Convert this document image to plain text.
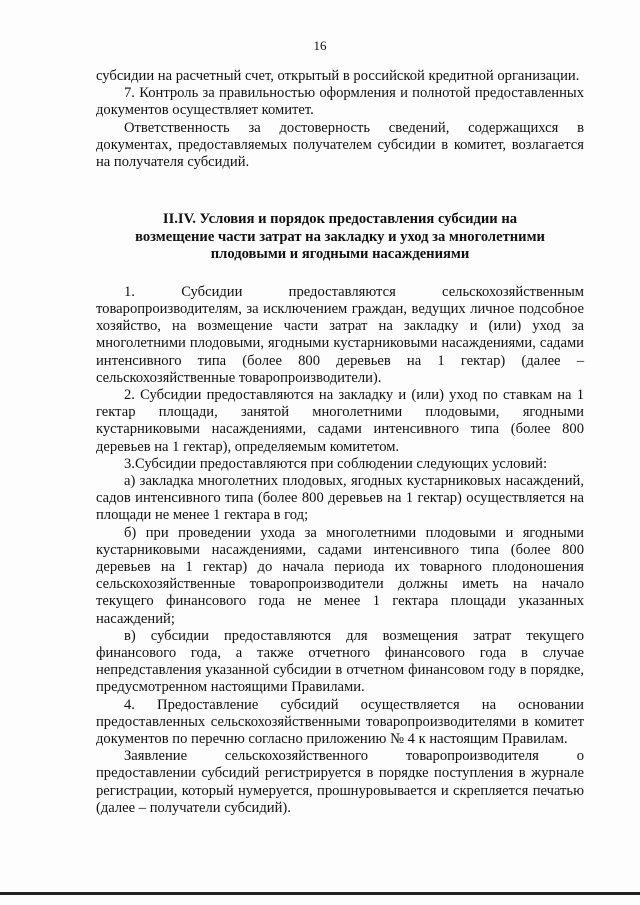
16

субсидии на расчетный счет, открытый в российской кредитной организации.

7. Контроль за правильностью оформления и полнотой предоставленных документов осуществляет комитет.

Ответственность за достоверность сведений, содержащихся в документах, предоставляемых получателем субсидии в комитет, возлагается на получателя субсидий.

II.IV. Условия и порядок предоставления субсидии на
возмещение части затрат на закладку и уход за многолетними
плодовыми и ягодными насаждениями

1. Субсидии предоставляются сельскохозяйственным товаропроизводителям, за исключением граждан, ведущих личное подсобное хозяйство, на возмещение части затрат на закладку и (или) уход за многолетними плодовыми, ягодными кустарниковыми насаждениями, садами интенсивного типа (более 800 деревьев на 1 гектар) (далее – сельскохозяйственные товаропроизводители).

2. Субсидии предоставляются на закладку и (или) уход по ставкам на 1 гектар площади, занятой многолетними плодовыми, ягодными кустарниковыми насаждениями, садами интенсивного типа (более 800 деревьев на 1 гектар), определяемым комитетом.

3.Субсидии предоставляются при соблюдении следующих условий:

а) закладка многолетних плодовых, ягодных кустарниковых насаждений, садов интенсивного типа (более 800 деревьев на 1 гектар) осуществляется на площади не менее 1 гектара в год;

б) при проведении ухода за многолетними плодовыми и ягодными кустарниковыми насаждениями, садами интенсивного типа (более 800 деревьев на 1 гектар) до начала периода их товарного плодоношения сельскохозяйственные товаропроизводители должны иметь на начало текущего финансового года не менее 1 гектара площади указанных насаждений;

в) субсидии предоставляются для возмещения затрат текущего финансового года, а также отчетного финансового года в случае непредставления указанной субсидии в отчетном финансовом году в порядке, предусмотренном настоящими Правилами.

4. Предоставление субсидий осуществляется на основании предоставленных сельскохозяйственными товаропроизводителями в комитет документов по перечню согласно приложению № 4 к настоящим Правилам.

Заявление сельскохозяйственного товаропроизводителя о предоставлении субсидий регистрируется в порядке поступления в журнале регистрации, который нумеруется, прошнуровывается и скрепляется печатью (далее – получатели субсидий).
